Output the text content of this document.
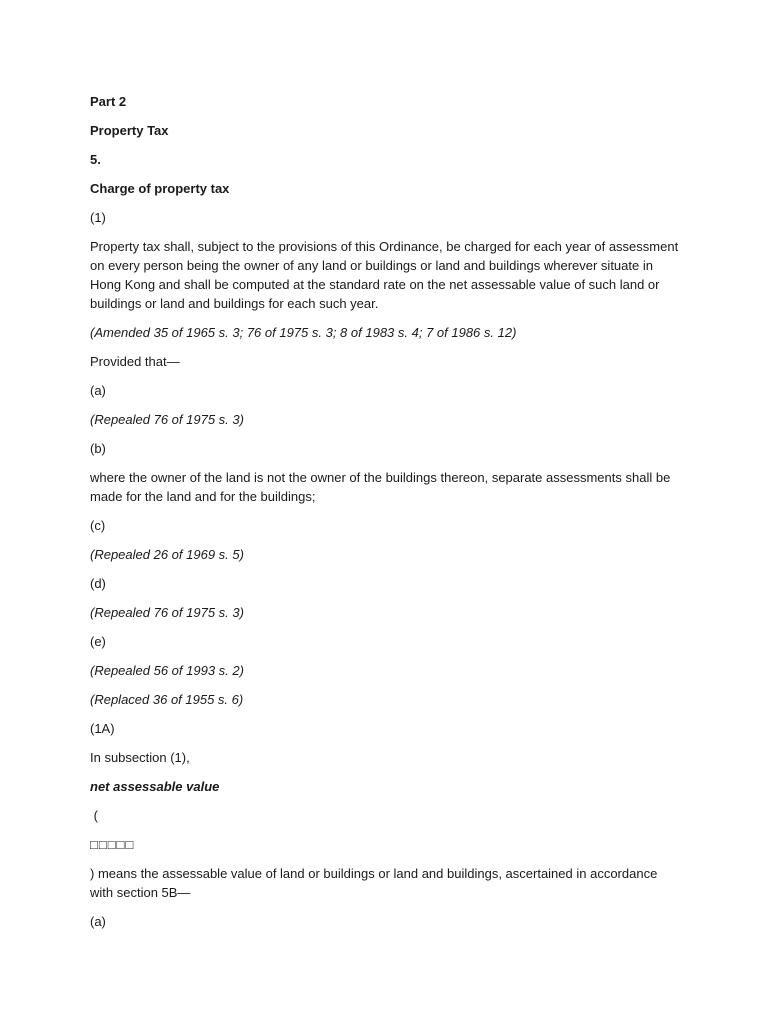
Part 2

Property Tax

5.

Charge of property tax

(1)

Property tax shall, subject to the provisions of this Ordinance, be charged for each year of assessment on every person being the owner of any land or buildings or land and buildings wherever situate in Hong Kong and shall be computed at the standard rate on the net assessable value of such land or buildings or land and buildings for each such year.

(Amended 35 of 1965 s. 3; 76 of 1975 s. 3; 8 of 1983 s. 4; 7 of 1986 s. 12)

Provided that—

(a)

(Repealed 76 of 1975 s. 3)

(b)

where the owner of the land is not the owner of the buildings thereon, separate assessments shall be made for the land and for the buildings;

(c)

(Repealed 26 of 1969 s. 5)

(d)

(Repealed 76 of 1975 s. 3)

(e)

(Repealed 56 of 1993 s. 2)

(Replaced 36 of 1955 s. 6)

(1A)

In subsection (1),

net assessable value

(

□□□□□

) means the assessable value of land or buildings or land and buildings, ascertained in accordance with section 5B—

(a)
